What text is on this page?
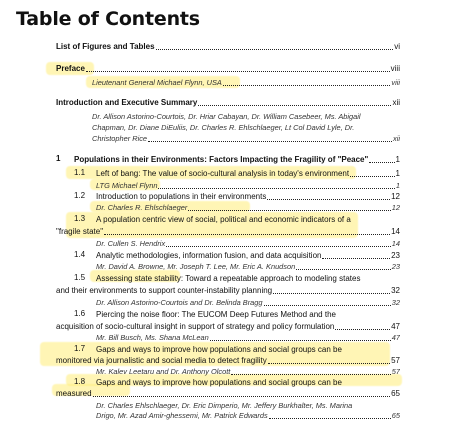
Table of Contents
List of Figures and Tables	vi
Preface	viii
Lieutenant General Michael Flynn, USA	viii
Introduction and Executive Summary	xii
Dr. Allison Astorino-Courtois, Dr. Hriar Cabayan, Dr. William Casebeer, Ms. Abigail
Chapman, Dr. Diane DiEuliis, Dr. Charles R. Ehlschlaeger, Lt Col David Lyle, Dr.
Christopher Rice	xii
1 Populations in their Environments: Factors Impacting the Fragility of "Peace"	1
1.1 Left of bang: The value of socio-cultural analysis in today's environment	1
LTG Michael Flynn	1
1.2 Introduction to populations in their environments	12
Dr. Charles R. Ehlschlaeger	12
1.3 A population centric view of social, political and economic indicators of a
"fragile state"	14
Dr. Cullen S. Hendrix	14
1.4 Analytic methodologies, information fusion, and data acquisition	23
Mr. David A. Browne, Mr. Joseph T. Lee, Mr. Eric A. Knudson	23
1.5 Assessing state stability: Toward a repeatable approach to modeling states
and their environments to support counter-instability planning	32
Dr. Allison Astorino-Courtois and Dr. Belinda Bragg	32
1.6 Piercing the noise floor: The EUCOM Deep Futures Method and the
acquisition of socio-cultural insight in support of strategy and policy formulation	47
Mr. Bill Busch, Ms. Shana McLean	47
1.7 Gaps and ways to improve how populations and social groups can be
monitored via journalistic and social media to detect fragility	57
Mr. Kalev Leetaru and Dr. Anthony Olcott	57
1.8 Gaps and ways to improve how populations and social groups can be
measured	65
Dr. Charles Ehlschlaeger, Dr. Eric Dimperio, Mr. Jeffery Burkhalter, Ms. Marina
Drigo, Mr. Azad Amir-ghessemi, Mr. Patrick Edwards	65
